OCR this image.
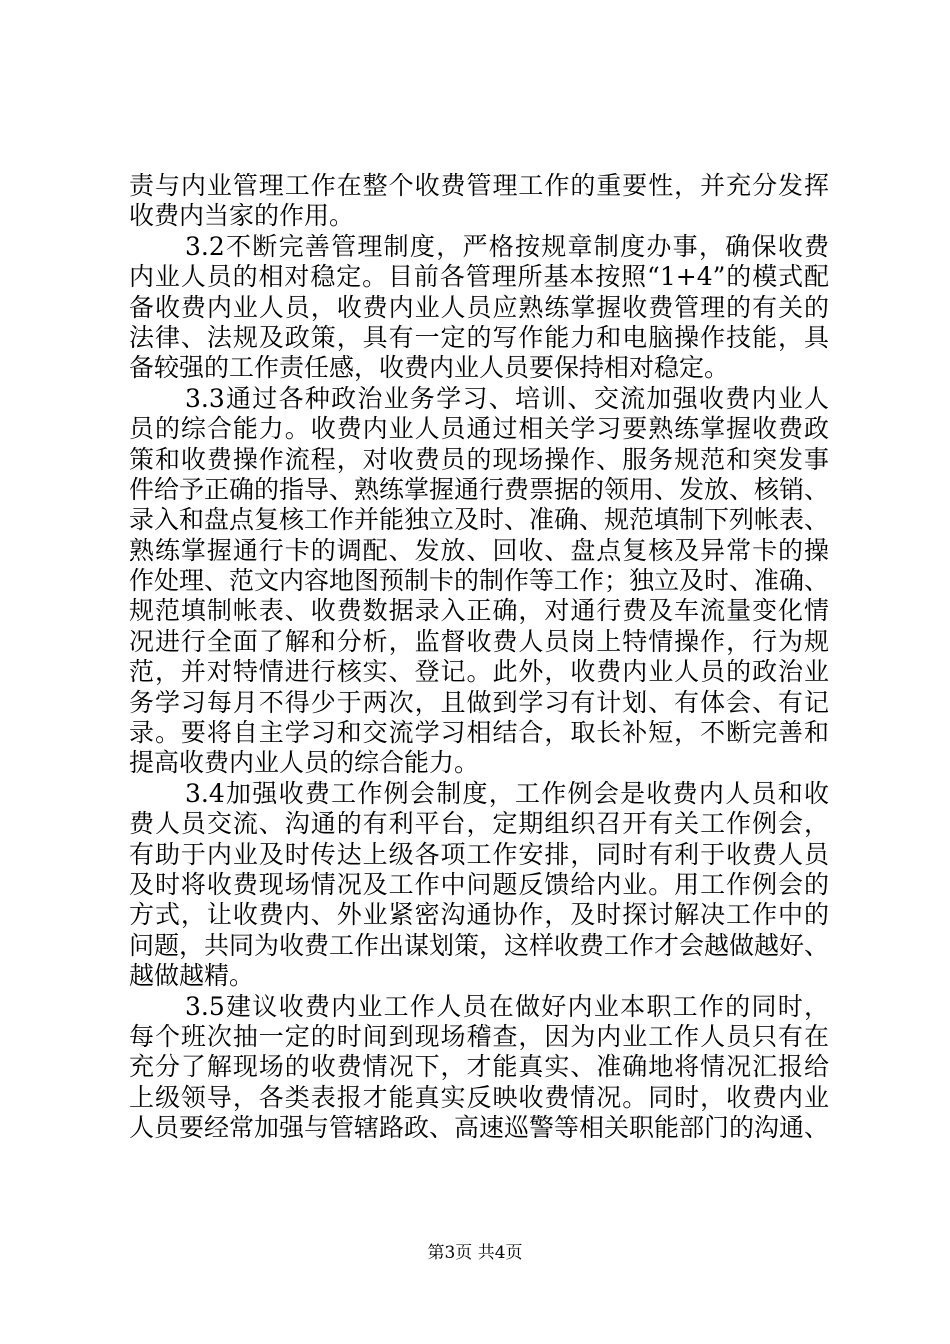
责与内业管理工作在整个收费管理工作的重要性，并充分发挥
收费内当家的作用。
3.2不断完善管理制度，严格按规章制度办事，确保收费
内业人员的相对稳定。目前各管理所基本按照“1+4”的模式配
备收费内业人员，收费内业人员应熟练掌握收费管理的有关的
法律、法规及政策，具有一定的写作能力和电脑操作技能，具
备较强的工作责任感，收费内业人员要保持相对稳定。
3.3通过各种政治业务学习、培训、交流加强收费内业人
员的综合能力。收费内业人员通过相关学习要熟练掌握收费政
策和收费操作流程，对收费员的现场操作、服务规范和突发事
件给予正确的指导、熟练掌握通行费票据的领用、发放、核销、
录入和盘点复核工作并能独立及时、准确、规范填制下列帐表、
熟练掌握通行卡的调配、发放、回收、盘点复核及异常卡的操
作处理、范文内容地图预制卡的制作等工作；独立及时、准确、
规范填制帐表、收费数据录入正确，对通行费及车流量变化情
况进行全面了解和分析，监督收费人员岗上特情操作，行为规
范，并对特情进行核实、登记。此外，收费内业人员的政治业
务学习每月不得少于两次，且做到学习有计划、有体会、有记
录。要将自主学习和交流学习相结合，取长补短，不断完善和
提高收费内业人员的综合能力。
3.4加强收费工作例会制度，工作例会是收费内人员和收
费人员交流、沟通的有利平台，定期组织召开有关工作例会，
有助于内业及时传达上级各项工作安排，同时有利于收费人员
及时将收费现场情况及工作中问题反馈给内业。用工作例会的
方式，让收费内、外业紧密沟通协作，及时探讨解决工作中的
问题，共同为收费工作出谋划策，这样收费工作才会越做越好、
越做越精。
3.5建议收费内业工作人员在做好内业本职工作的同时，
每个班次抽一定的时间到现场稽查，因为内业工作人员只有在
充分了解现场的收费情况下，才能真实、准确地将情况汇报给
上级领导，各类表报才能真实反映收费情况。同时，收费内业
人员要经常加强与管辖路政、高速巡警等相关职能部门的沟通、
第3页 共4页
